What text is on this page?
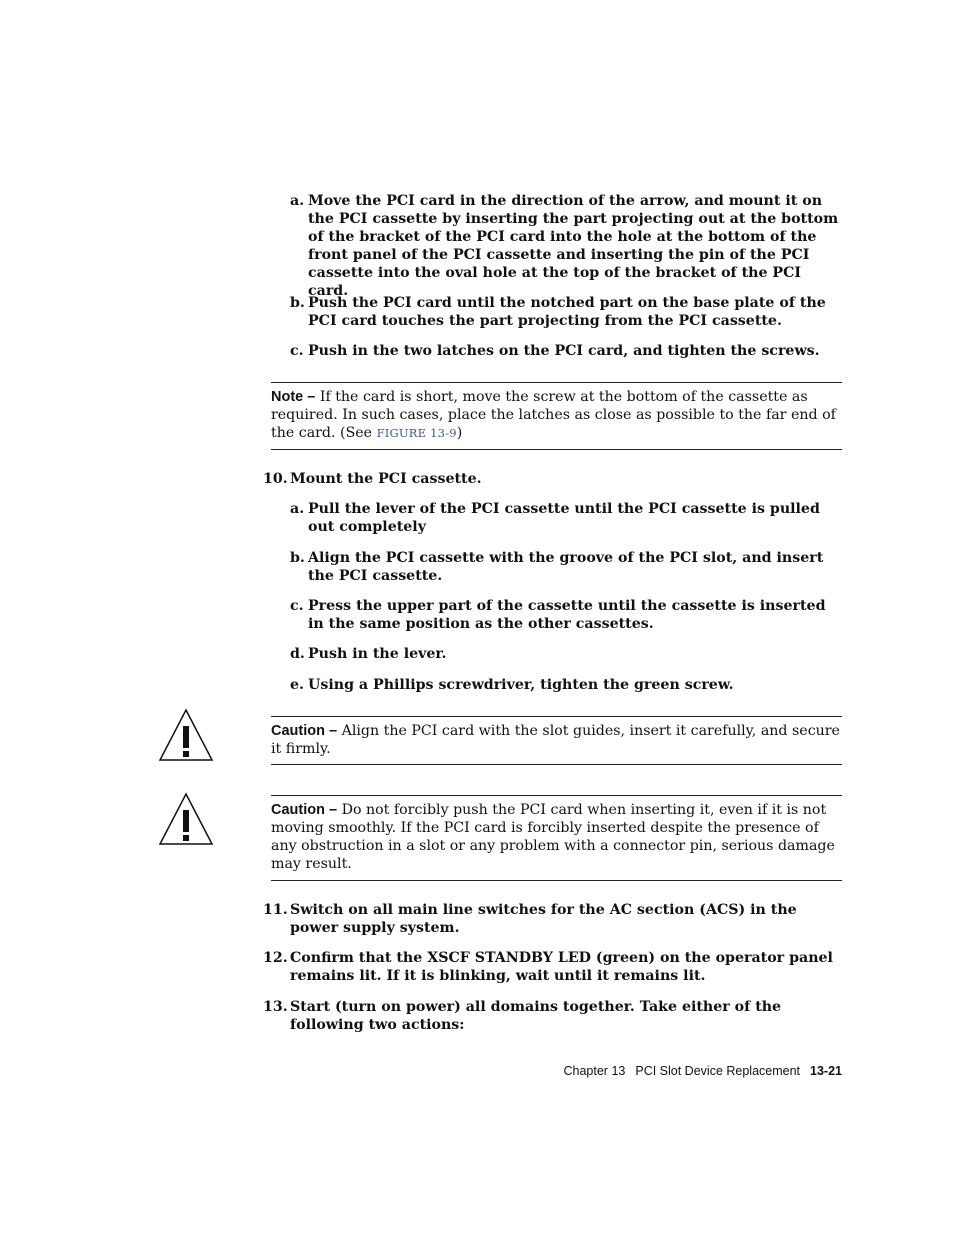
a. Move the PCI card in the direction of the arrow, and mount it on the PCI cassette by inserting the part projecting out at the bottom of the bracket of the PCI card into the hole at the bottom of the front panel of the PCI cassette and inserting the pin of the PCI cassette into the oval hole at the top of the bracket of the PCI card.
b. Push the PCI card until the notched part on the base plate of the PCI card touches the part projecting from the PCI cassette.
c. Push in the two latches on the PCI card, and tighten the screws.
Note – If the card is short, move the screw at the bottom of the cassette as required. In such cases, place the latches as close as possible to the far end of the card. (See FIGURE 13-9)
10. Mount the PCI cassette.
a. Pull the lever of the PCI cassette until the PCI cassette is pulled out completely
b. Align the PCI cassette with the groove of the PCI slot, and insert the PCI cassette.
c. Press the upper part of the cassette until the cassette is inserted in the same position as the other cassettes.
d. Push in the lever.
e. Using a Phillips screwdriver, tighten the green screw.
Caution – Align the PCI card with the slot guides, insert it carefully, and secure it firmly.
Caution – Do not forcibly push the PCI card when inserting it, even if it is not moving smoothly. If the PCI card is forcibly inserted despite the presence of any obstruction in a slot or any problem with a connector pin, serious damage may result.
11. Switch on all main line switches for the AC section (ACS) in the power supply system.
12. Confirm that the XSCF STANDBY LED (green) on the operator panel remains lit. If it is blinking, wait until it remains lit.
13. Start (turn on power) all domains together. Take either of the following two actions:
Chapter 13 PCI Slot Device Replacement 13-21
